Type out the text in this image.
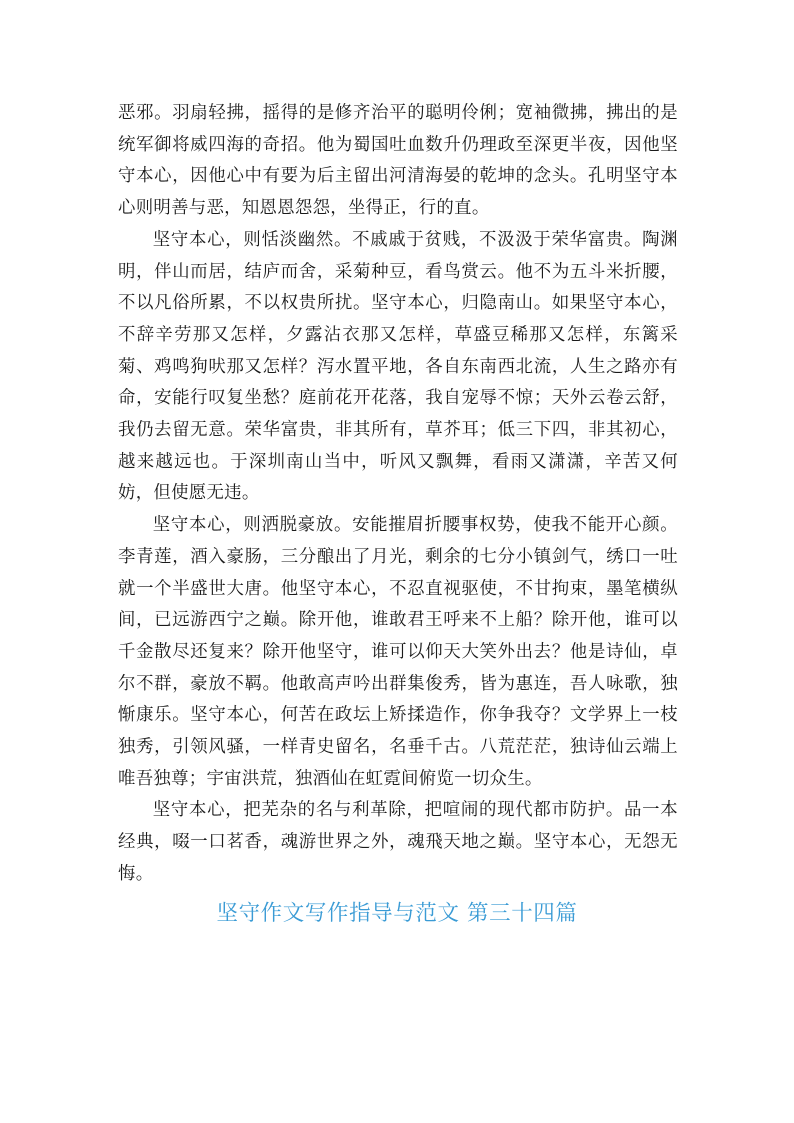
恶邪。羽扇轻拂，摇得的是修齐治平的聪明伶俐；宽袖微拂，拂出的是统军御将威四海的奇招。他为蜀国吐血数升仍理政至深更半夜，因他坚守本心，因他心中有要为后主留出河清海晏的乾坤的念头。孔明坚守本心则明善与恶，知恩恩怨怨，坐得正，行的直。

坚守本心，则恬淡幽然。不戚戚于贫贱，不汲汲于荣华富贵。陶渊明，伴山而居，结庐而舍，采菊种豆，看鸟赏云。他不为五斗米折腰，不以凡俗所累，不以权贵所扰。坚守本心，归隐南山。如果坚守本心，不辞辛劳那又怎样，夕露沾衣那又怎样，草盛豆稀那又怎样，东篱采菊、鸡鸣狗吠那又怎样？泻水置平地，各自东南西北流，人生之路亦有命，安能行叹复坐愁？庭前花开花落，我自宠辱不惊；天外云卷云舒，我仍去留无意。荣华富贵，非其所有，草芥耳；低三下四，非其初心，越来越远也。于深圳南山当中，听风又飘舞，看雨又潇潇，辛苦又何妨，但使愿无违。

坚守本心，则洒脱豪放。安能摧眉折腰事权势，使我不能开心颜。李青莲，酒入豪肠，三分酿出了月光，剩余的七分小镇剑气，绣口一吐就一个半盛世大唐。他坚守本心，不忍直视驱使，不甘拘束，墨笔横纵间，已远游西宁之巅。除开他，谁敢君王呼来不上船？除开他，谁可以千金散尽还复来？除开他坚守，谁可以仰天大笑外出去？他是诗仙，卓尔不群，豪放不羁。他敢高声吟出群集俊秀，皆为惠连，吾人咏歌，独惭康乐。坚守本心，何苦在政坛上矫揉造作，你争我夺？文学界上一枝独秀，引领风骚，一样青史留名，名垂千古。八荒茫茫，独诗仙云端上唯吾独尊；宇宙洪荒，独酒仙在虹霓间俯览一切众生。

坚守本心，把芜杂的名与利革除，把喧闹的现代都市防护。品一本经典，啜一口茗香，魂游世界之外，魂飛天地之巅。坚守本心，无怨无悔。

坚守作文写作指导与范文 第三十四篇
